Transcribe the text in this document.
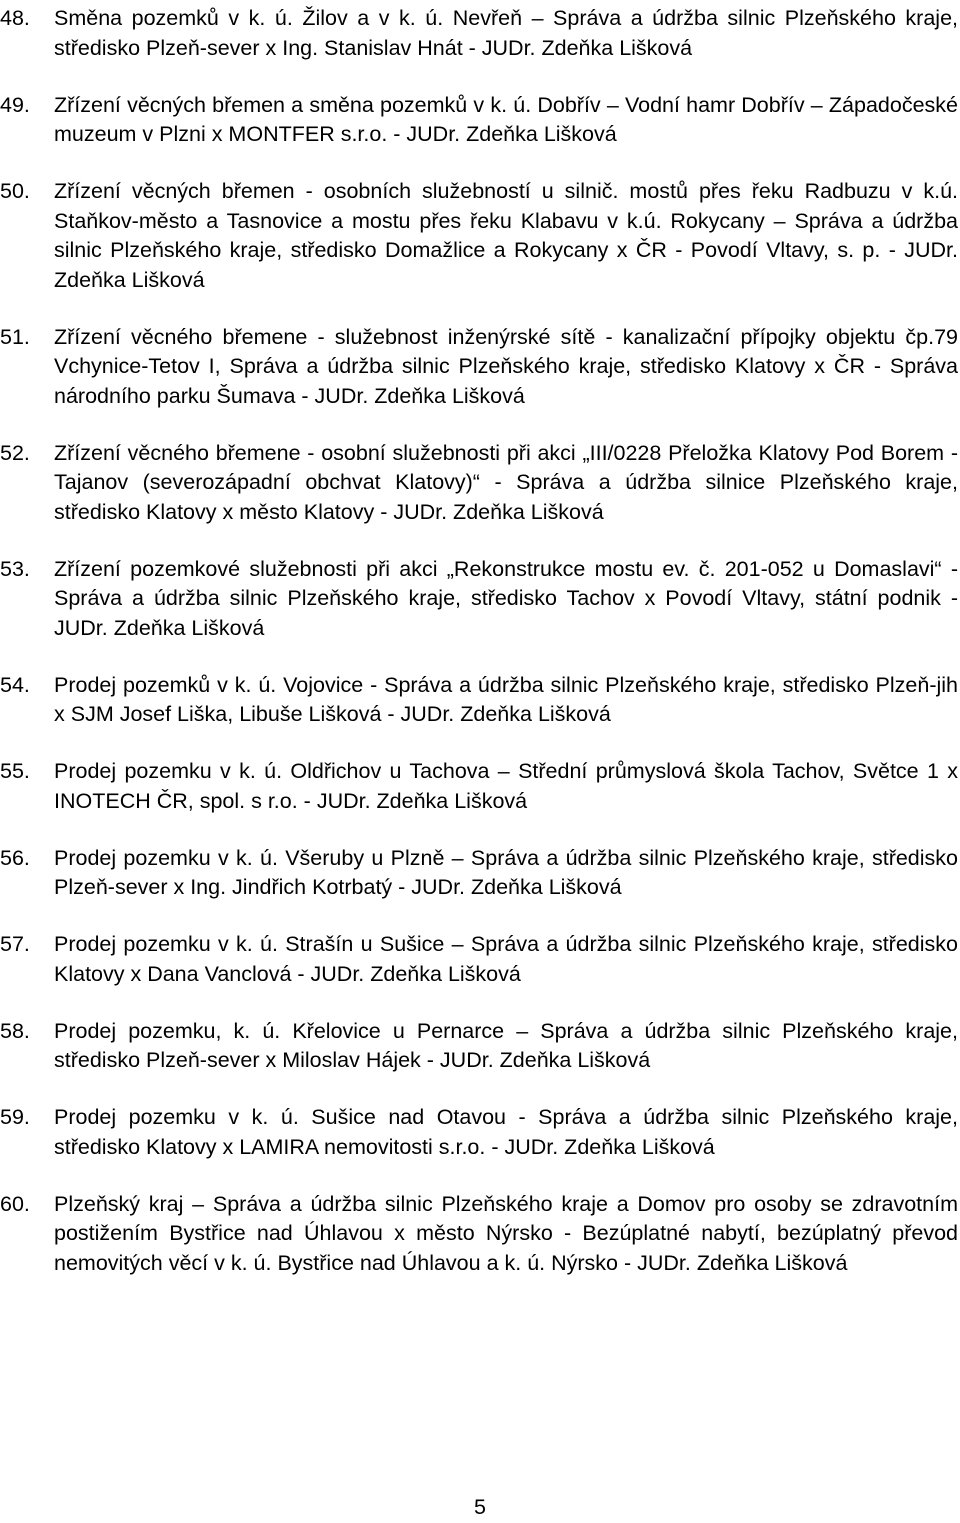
48.	Směna pozemků v k. ú. Žilov a v k. ú. Nevřeň – Správa a údržba silnic Plzeňského kraje, středisko Plzeň-sever x Ing. Stanislav Hnát - JUDr. Zdeňka Lišková
49.	Zřízení věcných břemen a směna pozemků v k. ú. Dobřív – Vodní hamr Dobřív – Západočeské muzeum v Plzni x MONTFER s.r.o. - JUDr. Zdeňka Lišková
50.	Zřízení věcných břemen - osobních služebností u silnič. mostů přes řeku Radbuzu v k.ú. Staňkov-město a Tasnovice a mostu přes řeku Klabavu v k.ú. Rokycany – Správa a údržba silnic Plzeňského kraje, středisko Domažlice a Rokycany x ČR - Povodí Vltavy, s. p. - JUDr. Zdeňka Lišková
51.	Zřízení věcného břemene - služebnost inženýrské sítě - kanalizační přípojky objektu čp.79 Vchynice-Tetov I, Správa a údržba silnic Plzeňského kraje, středisko Klatovy x ČR - Správa národního parku Šumava - JUDr. Zdeňka Lišková
52.	Zřízení věcného břemene - osobní služebnosti při akci „III/0228 Přeložka Klatovy Pod Borem - Tajanov (severozápadní obchvat Klatovy)“ - Správa a údržba silnice Plzeňského kraje, středisko Klatovy x město Klatovy - JUDr. Zdeňka Lišková
53.	Zřízení pozemkové služebnosti při akci „Rekonstrukce mostu ev. č. 201-052 u Domaslavi“ - Správa a údržba silnic Plzeňského kraje, středisko Tachov x Povodí Vltavy, státní podnik - JUDr. Zdeňka Lišková
54.	Prodej pozemků v k. ú. Vojovice - Správa a údržba silnic Plzeňského kraje, středisko Plzeň-jih x SJM Josef Liška, Libuše Lišková - JUDr. Zdeňka Lišková
55.	Prodej pozemku v k. ú. Oldřichov u Tachova – Střední průmyslová škola Tachov, Světce 1 x INOTECH ČR, spol. s r.o. - JUDr. Zdeňka Lišková
56.	Prodej pozemku v k. ú. Všeruby u Plzně – Správa a údržba silnic Plzeňského kraje, středisko Plzeň-sever x Ing. Jindřich Kotrbatý - JUDr. Zdeňka Lišková
57.	Prodej pozemku v k. ú. Strašín u Sušice – Správa a údržba silnic Plzeňského kraje, středisko Klatovy x Dana Vanclová - JUDr. Zdeňka Lišková
58.	Prodej pozemku, k. ú. Křelovice u Pernarce – Správa a údržba silnic Plzeňského kraje, středisko Plzeň-sever x Miloslav Hájek - JUDr. Zdeňka Lišková
59.	Prodej pozemku v k. ú. Sušice nad Otavou - Správa a údržba silnic Plzeňského kraje, středisko Klatovy x LAMIRA nemovitosti s.r.o. - JUDr. Zdeňka Lišková
60.	Plzeňský kraj – Správa a údržba silnic Plzeňského kraje a Domov pro osoby se zdravotním postižením Bystřice nad Úhlavou x město Nýrsko - Bezúplatné nabytí, bezúplatný převod nemovitých věcí v k. ú. Bystřice nad Úhlavou a k. ú. Nýrsko - JUDr. Zdeňka Lišková
5
